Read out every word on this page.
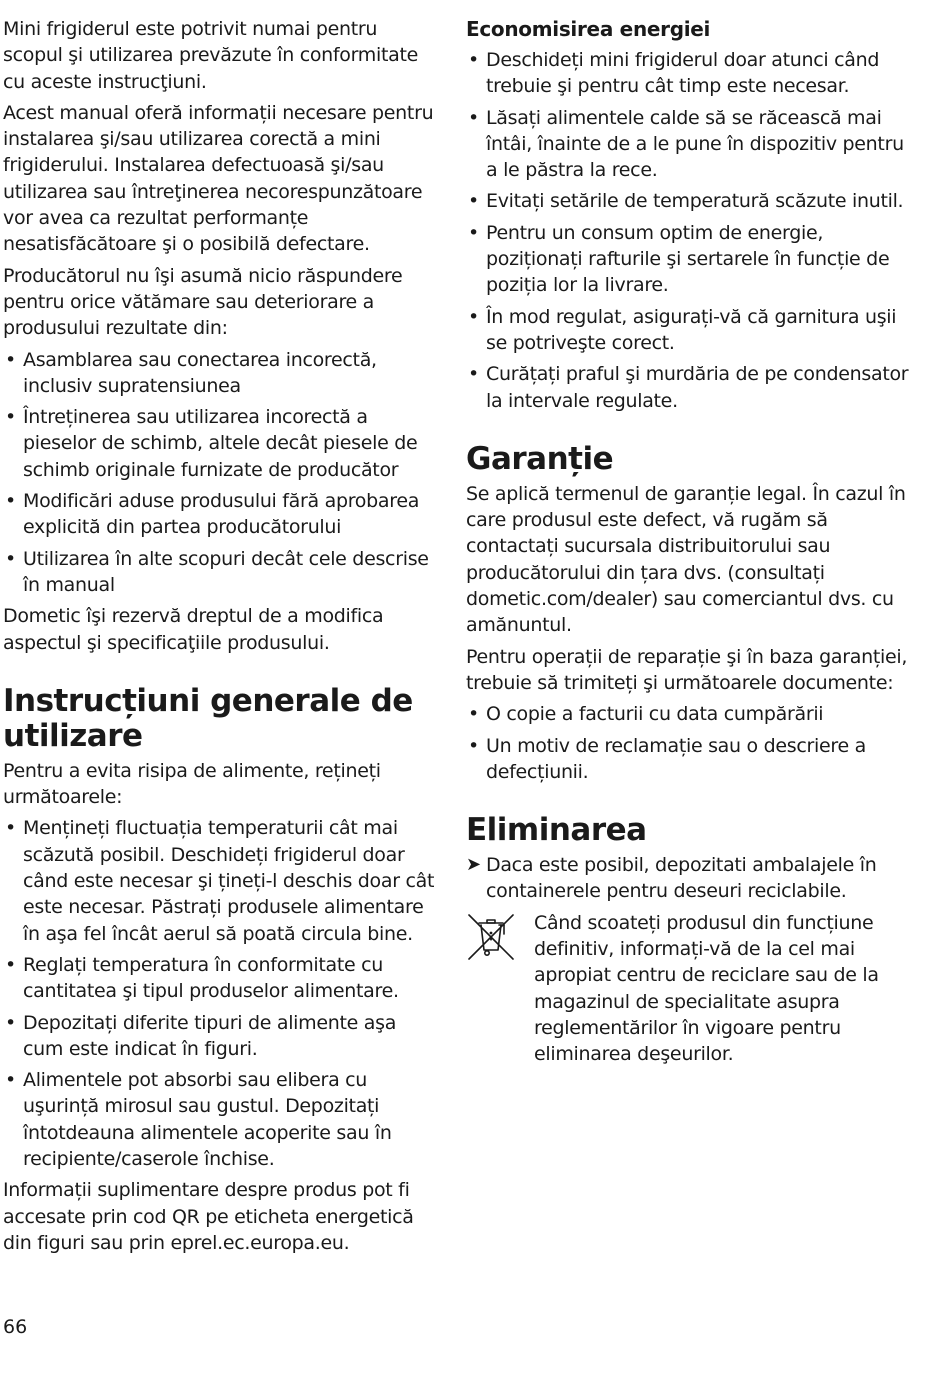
Mini frigiderul este potrivit numai pentru scopul şi utilizarea prevăzute în conformitate cu aceste instrucţiuni.

Acest manual oferă informații necesare pentru instalarea şi/sau utilizarea corectă a mini frigiderului. Instalarea defectuoasă şi/sau utilizarea sau întreţinerea necorespunzătoare vor avea ca rezultat performanțe nesatisfăcătoare şi o posibilă defectare.

Producătorul nu îşi asumă nicio răspundere pentru orice vătămare sau deteriorare a produsului rezultate din:

• Asamblarea sau conectarea incorectă, inclusiv supratensiunea
• Întreținerea sau utilizarea incorectă a pieselor de schimb, altele decât piesele de schimb originale furnizate de producător
• Modificări aduse produsului fără aprobarea explicită din partea producătorului
• Utilizarea în alte scopuri decât cele descrise în manual

Dometic îşi rezervă dreptul de a modifica aspectul şi specificaţiile produsului.

Instrucțiuni generale de utilizare

Pentru a evita risipa de alimente, rețineți următoarele:

• Mențineți fluctuația temperaturii cât mai scăzută posibil. Deschideți frigiderul doar când este necesar şi țineți-l deschis doar cât este necesar. Păstrați produsele alimentare în aşa fel încât aerul să poată circula bine.
• Reglați temperatura în conformitate cu cantitatea şi tipul produselor alimentare.
• Depozitați diferite tipuri de alimente aşa cum este indicat în figuri.
• Alimentele pot absorbi sau elibera cu uşurință mirosul sau gustul. Depozitați întotdeauna alimentele acoperite sau în recipiente/caserole închise.

Informații suplimentare despre produs pot fi accesate prin cod QR pe eticheta energetică din figuri sau prin eprel.ec.europa.eu.

Economisirea energiei
• Deschideți mini frigiderul doar atunci când trebuie şi pentru cât timp este necesar.
• Lăsați alimentele calde să se răcească mai întâi, înainte de a le pune în dispozitiv pentru a le păstra la rece.
• Evitați setările de temperatură scăzute inutil.
• Pentru un consum optim de energie, poziționați rafturile şi sertarele în funcție de poziția lor la livrare.
• În mod regulat, asigurați-vă că garnitura uşii se potriveşte corect.
• Curățați praful şi murdăria de pe condensator la intervale regulate.
Garanție

Se aplică termenul de garanție legal. În cazul în care produsul este defect, vă rugăm să contactați sucursala distribuitorului sau producătorului din țara dvs. (consultați dometic.com/dealer) sau comerciantul dvs. cu amănuntul.

Pentru operații de reparație şi în baza garanției, trebuie să trimiteți şi următoarele documente:

• O copie a facturii cu data cumpărării
• Un motiv de reclamație sau o descriere a defecțiunii.
Eliminarea
➤ Daca este posibil, depozitati ambalajele în containerele pentru deseuri reciclabile.

Când scoateți produsul din funcțiune definitiv, informați-vă de la cel mai apropiat centru de reciclare sau de la magazinul de specialitate asupra reglementărilor în vigoare pentru eliminarea deşeurilor.

66
